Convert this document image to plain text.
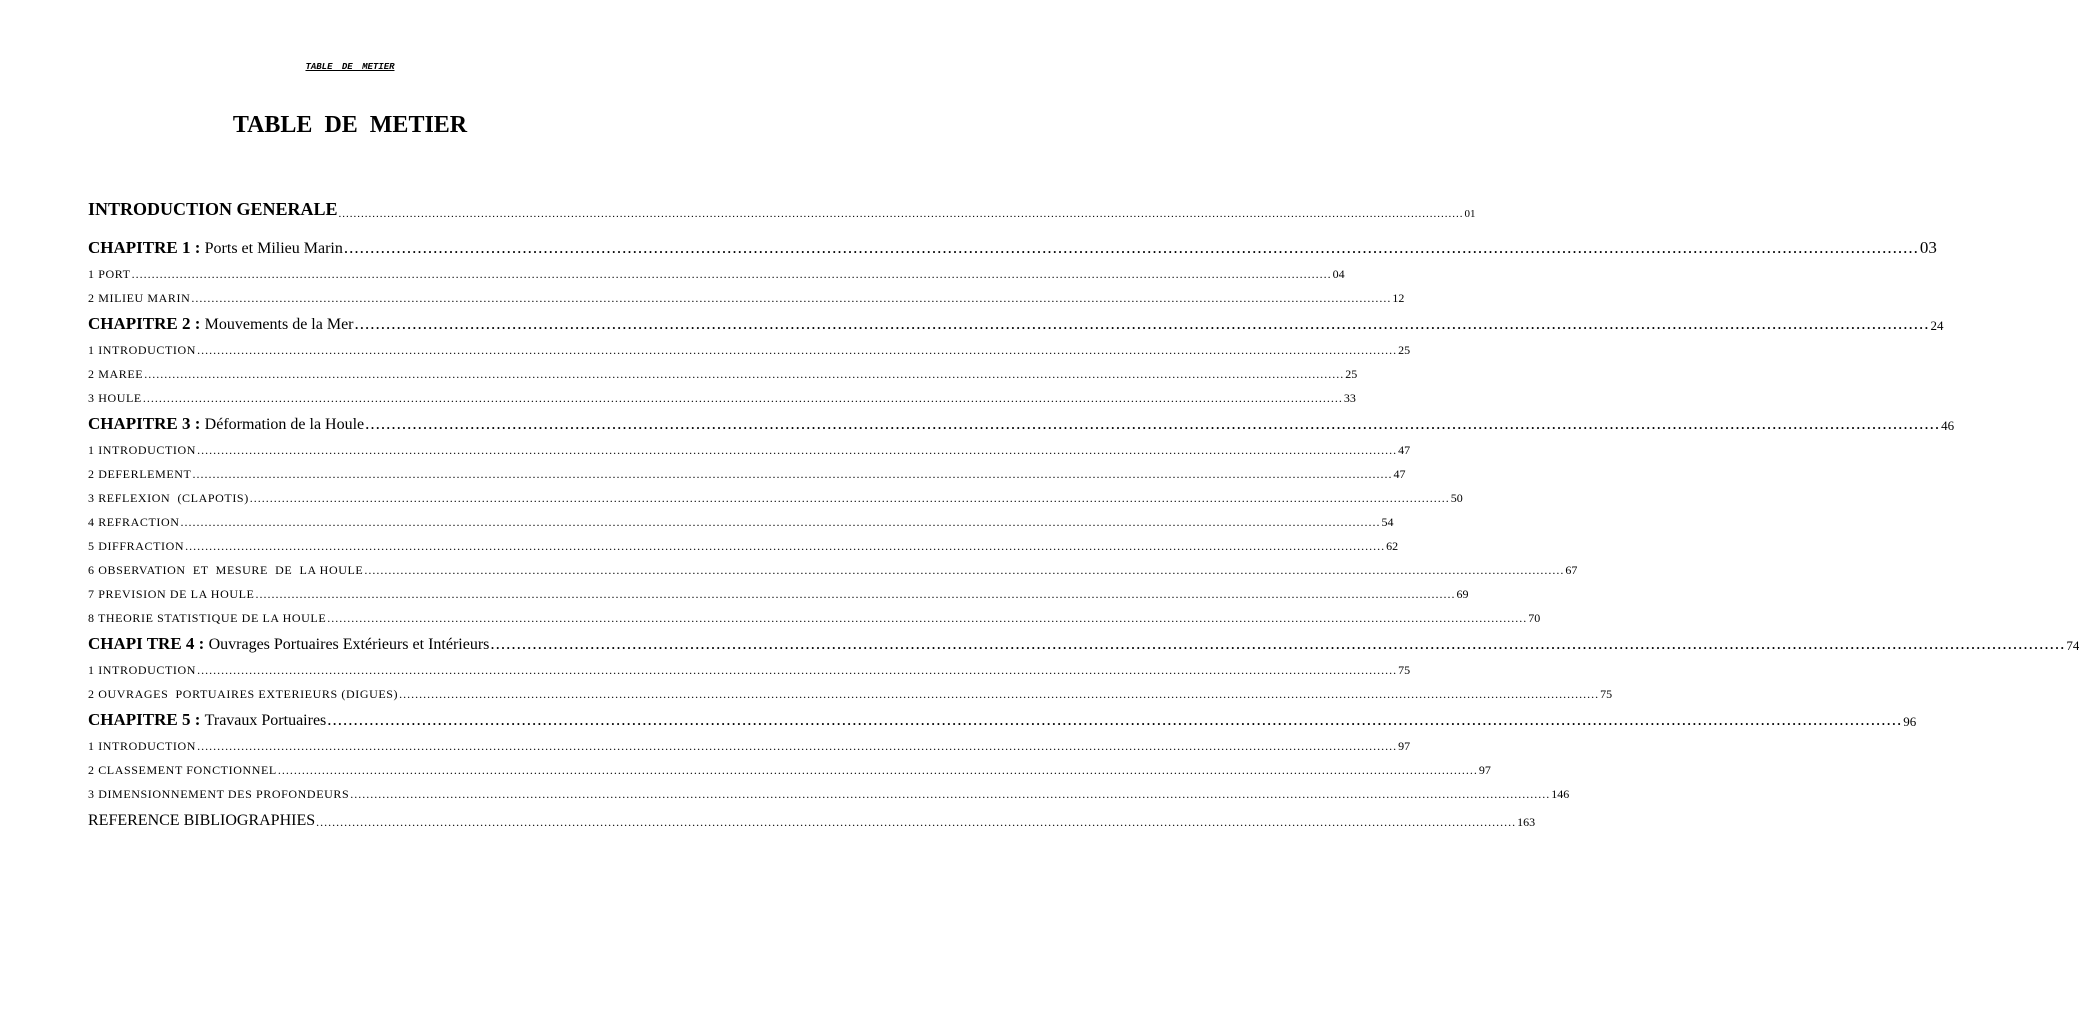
TABLE DE METIER
TABLE DE METIER
INTRODUCTION GENERALE ............................................................................................................................................................................................................................................................................................................ 01
CHAPITRE 1 : Ports et Milieu Marin ............................................................................................................................................................................................................................................................................................................ 03
1 PORT ............................................................................................................................................................................................................................................................................................................ 04
2 MILIEU MARIN ............................................................................................................................................................................................................................................................................................................ 12
CHAPITRE 2 : Mouvements de la Mer ............................................................................................................................................................................................................................................................................................................ 24
1 INTRODUCTION ............................................................................................................................................................................................................................................................................................................ 25
2 MAREE ............................................................................................................................................................................................................................................................................................................ 25
3 HOULE ............................................................................................................................................................................................................................................................................................................ 33
CHAPITRE 3 : Déformation de la Houle ............................................................................................................................................................................................................................................................................................................ 46
1 INTRODUCTION ............................................................................................................................................................................................................................................................................................................ 47
2 DEFERLEMENT ............................................................................................................................................................................................................................................................................................................ 47
3 REFLEXION  (CLAPOTIS) ............................................................................................................................................................................................................................................................................................................ 50
4 REFRACTION ............................................................................................................................................................................................................................................................................................................ 54
5 DIFFRACTION ............................................................................................................................................................................................................................................................................................................ 62
6 OBSERVATION  ET  MESURE  DE  LA HOULE ............................................................................................................................................................................................................................................................................................................ 67
7 PREVISION DE LA HOULE ............................................................................................................................................................................................................................................................................................................ 69
8 THEORIE STATISTIQUE DE LA HOULE ............................................................................................................................................................................................................................................................................................................ 70
CHAPI TRE 4 : Ouvrages Portuaires Extérieurs et Intérieurs ............................................................................................................................................................................................................................................................................................................ 74
1 INTRODUCTION ............................................................................................................................................................................................................................................................................................................ 75
2 OUVRAGES  PORTUAIRES EXTERIEURS (DIGUES) ............................................................................................................................................................................................................................................................................................................ 75
CHAPITRE 5 : Travaux Portuaires ............................................................................................................................................................................................................................................................................................................ 96
1 INTRODUCTION ............................................................................................................................................................................................................................................................................................................ 97
2 CLASSEMENT FONCTIONNEL ............................................................................................................................................................................................................................................................................................................ 97
3 DIMENSIONNEMENT DES PROFONDEURS ............................................................................................................................................................................................................................................................................................................ 146
REFERENCE BIBLIOGRAPHIES ............................................................................................................................................................................................................................................................................................................ 163
